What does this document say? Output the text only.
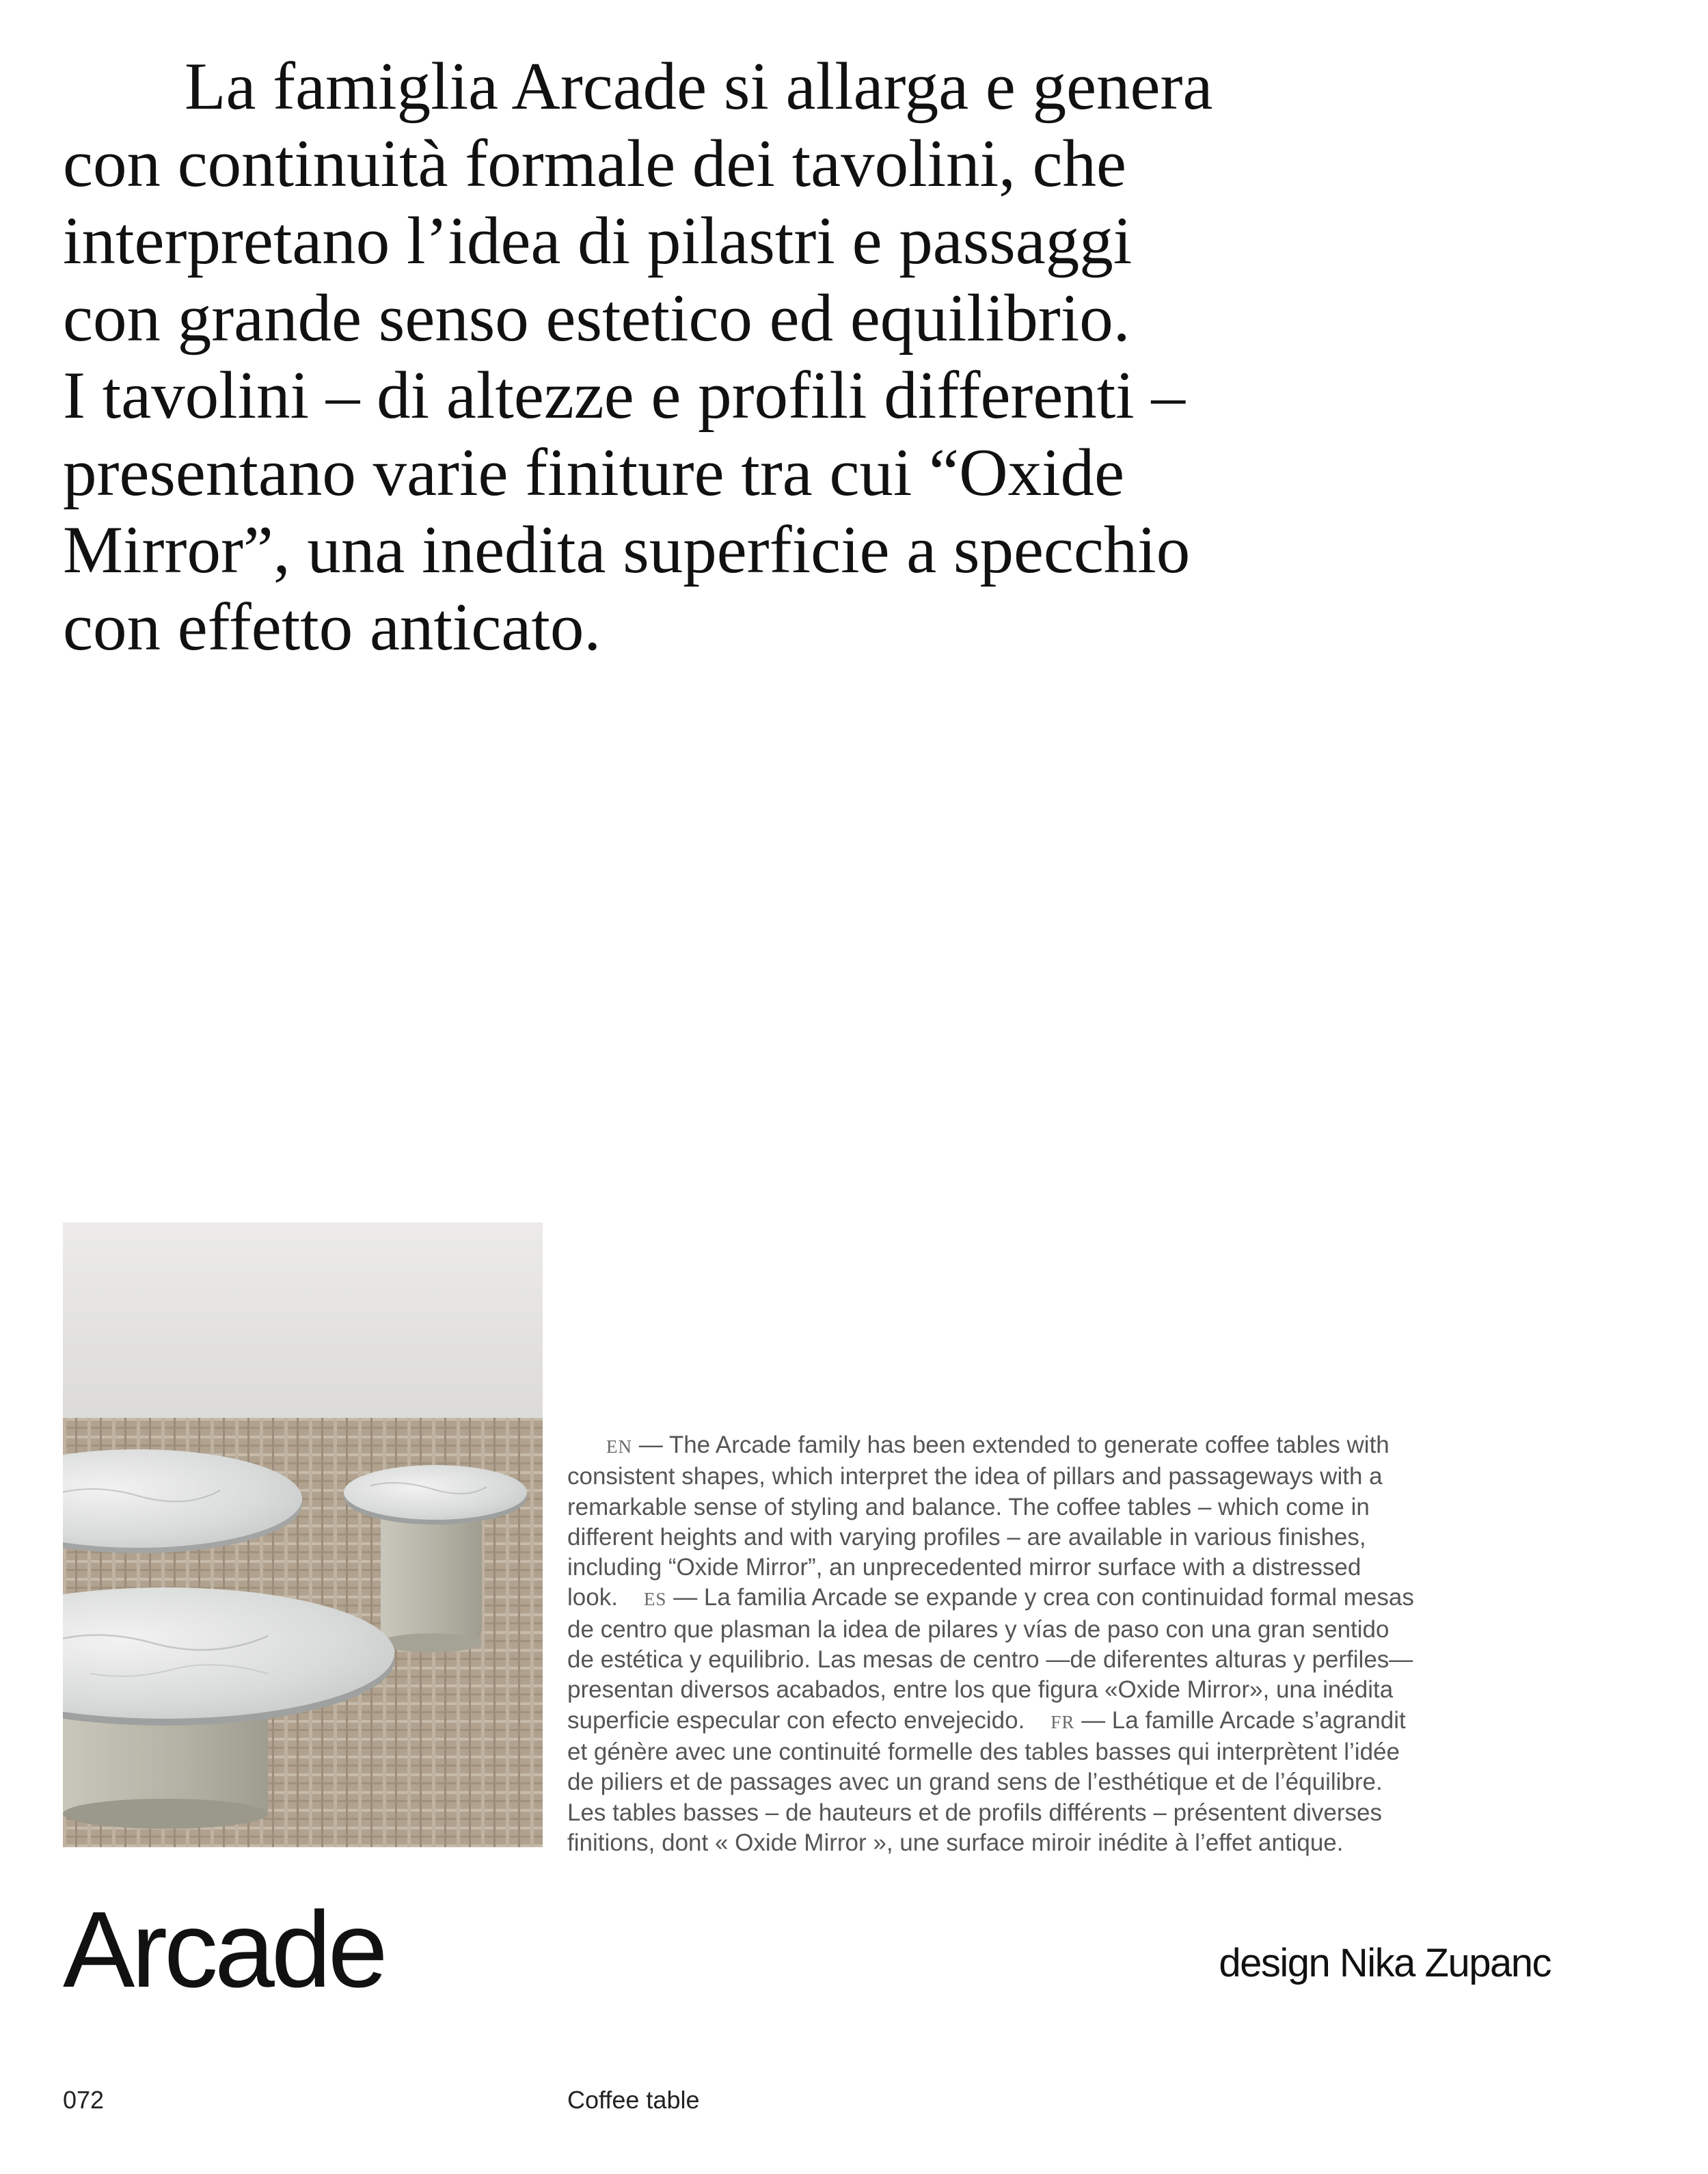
La famiglia Arcade si allarga e genera
con continuità formale dei tavolini, che
interpretano l’idea di pilastri e passaggi
con grande senso estetico ed equilibrio.
I tavolini – di altezze e profili differenti –
presentano varie finiture tra cui “Oxide
Mirror”, una inedita superficie a specchio
con effetto anticato.
EN — The Arcade family has been extended to generate coffee tables with
consistent shapes, which interpret the idea of pillars and passageways with a
remarkable sense of styling and balance. The coffee tables – which come in
different heights and with varying profiles – are available in various finishes,
including “Oxide Mirror”, an unprecedented mirror surface with a distressed
look. ES — La familia Arcade se expande y crea con continuidad formal mesas
de centro que plasman la idea de pilares y vías de paso con una gran sentido
de estética y equilibrio. Las mesas de centro —de diferentes alturas y perfiles—
presentan diversos acabados, entre los que figura «Oxide Mirror», una inédita
superficie especular con efecto envejecido. FR — La famille Arcade s’agrandit
et génère avec une continuité formelle des tables basses qui interprètent l’idée
de piliers et de passages avec un grand sens de l’esthétique et de l’équilibre.
Les tables basses – de hauteurs et de profils différents – présentent diverses
finitions, dont « Oxide Mirror », une surface miroir inédite à l’effet antique.
Arcade	design Nika Zupanc
072	Coffee table
